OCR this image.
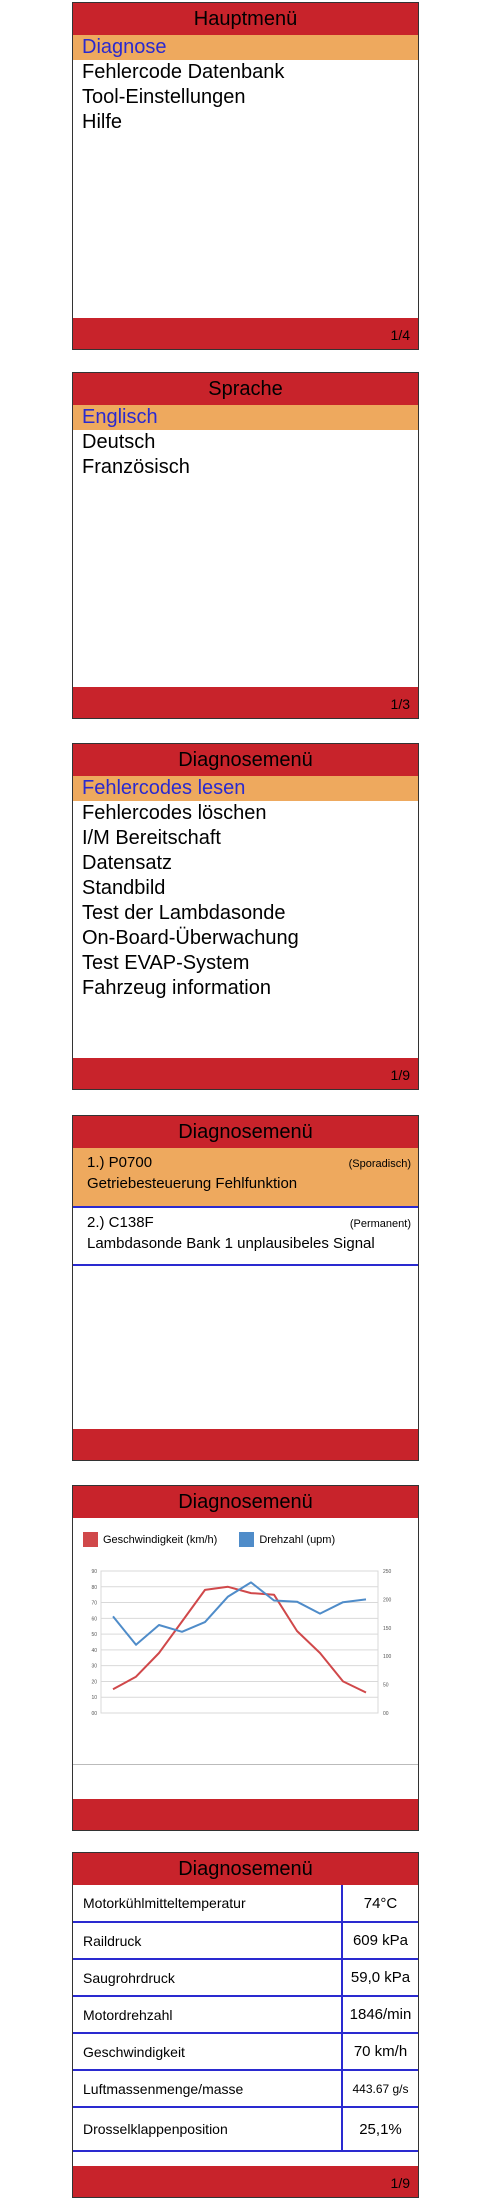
Hauptmenü
Diagnose
Fehlercode Datenbank
Tool-Einstellungen
Hilfe
1/4
Sprache
Englisch
Deutsch
Französisch
1/3
Diagnosemenü
Fehlercodes lesen
Fehlercodes löschen
I/M Bereitschaft
Datensatz
Standbild
Test der Lambdasonde
On-Board-Überwachung
Test EVAP-System
Fahrzeug information
1/9
Diagnosemenü
1.) P0700	(Sporadisch)
Getriebesteuerung Fehlfunktion
2.) C138F	(Permanent)
Lambdasonde Bank 1 unplausibeles Signal
Diagnosemenü
Geschwindigkeit (km/h)	Drehzahl (upm)
90
80
70
60
50
40
30
20
10
00
250
200
150
100
50
00
Diagnosemenü
Motorkühlmitteltemperatur	74°C
Raildruck	609 kPa
Saugrohrdruck	59,0 kPa
Motordrehzahl	1846/min
Geschwindigkeit	70 km/h
Luftmassenmenge/masse	443.67 g/s
Drosselklappenposition	25,1%
1/9
